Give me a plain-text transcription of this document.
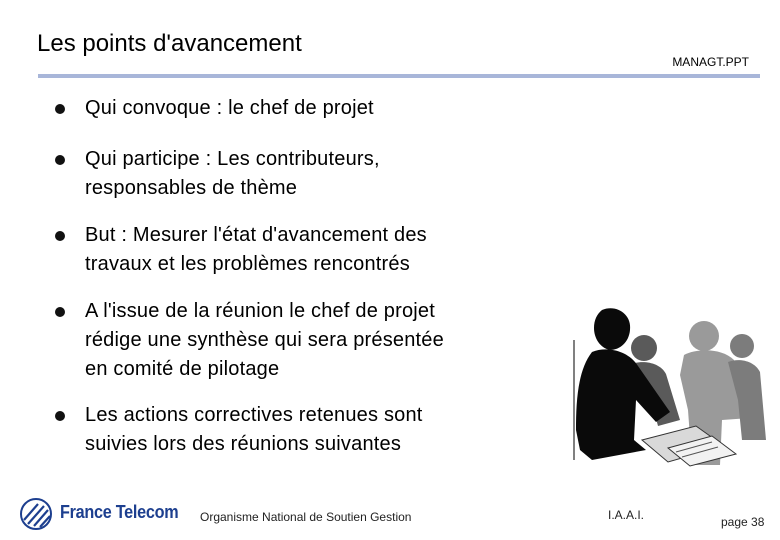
Les points d'avancement
MANAGT.PPT
Qui convoque : le chef de projet
Qui participe : Les contributeurs,
responsables de thème
But : Mesurer l'état d'avancement des
travaux et les problèmes rencontrés
A l'issue de la réunion le chef de projet
rédige une synthèse qui sera présentée
en comité de pilotage
Les actions correctives retenues sont
suivies lors des réunions suivantes
France Telecom Organisme National de Soutien Gestion	I.A.A.I.	page 38
